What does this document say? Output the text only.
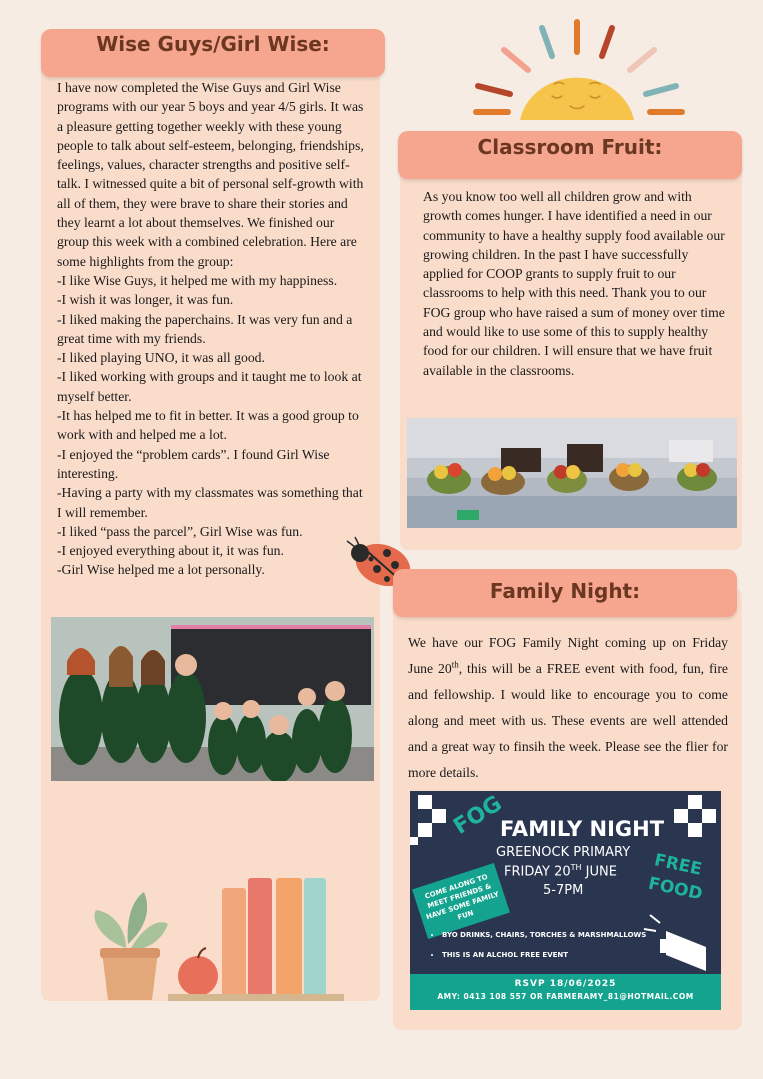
Wise Guys/Girl Wise:

I have now completed the Wise Guys and Girl Wise programs with our year 5 boys and year 4/5 girls. It was a pleasure getting together weekly with these young people to talk about self-esteem, belonging, friendships, feelings, values, character strengths and positive self-talk. I witnessed quite a bit of personal self-growth with all of them, they were brave to share their stories and they learnt a lot about themselves. We finished our group this week with a combined celebration. Here are some highlights from the group:

-I like Wise Guys, it helped me with my happiness.

-I wish it was longer, it was fun.

-I liked making the paperchains. It was very fun and a great time with my friends.

-I liked playing UNO, it was all good.

-I liked working with groups and it taught me to look at myself better.

-It has helped me to fit in better. It was a good group to work with and helped me a lot.

-I enjoyed the “problem cards”. I found Girl Wise interesting.

-Having a party with my classmates was something that I will remember.

-I liked “pass the parcel”, Girl Wise was fun.

-I enjoyed everything about it, it was fun.

-Girl Wise helped me a lot personally.

Classroom Fruit:
As you know too well all children grow and with growth comes hunger. I have identified a need in our community to have a healthy supply food available our growing children. In the past I have successfully applied for COOP grants to supply fruit to our classrooms to help with this need. Thank you to our FOG group who have raised a sum of money over time and would like to use some of this to supply healthy food for our children. I will ensure that we have fruit available in the classrooms.
Family Night:
We have our FOG Family Night coming up on Friday June 20th, this will be a FREE event with food, fun, fire and fellowship. I would like to encourage you to come along and meet with us. These events are well attended and a great way to finsih the week. Please see the flier for more details.
FOG
FAMILY NIGHT
GREENOCK PRIMARY
FRIDAY 20TH JUNE
5-7PM
FREE
FOOD
COME ALONG TO MEET FRIENDS & HAVE SOME FAMILY FUN
• BYO DRINKS, CHAIRS, TORCHES & MARSHMALLOWS
• THIS IS AN ALCHOL FREE EVENT
RSVP 18/06/2025
AMY: 0413 108 557 OR FARMERAMY_81@HOTMAIL.COM
